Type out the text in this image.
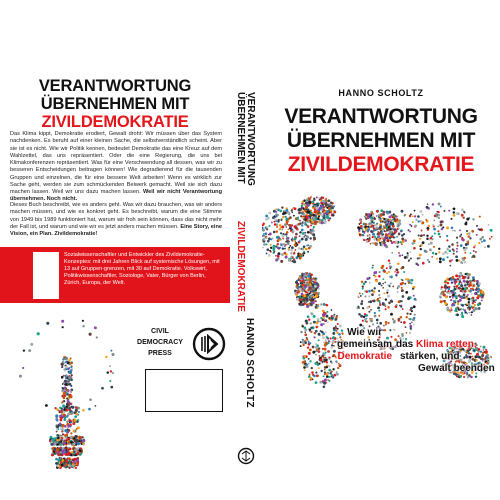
VERANTWORTUNG
ÜBERNEHMEN MIT
ZIVILDEMOKRATIE
Das Klima kippt, Demokratie erodiert, Gewalt droht: Wir müssen über das System nachdenken. Es beruht auf einer kleinen Sache, die selbstverständlich scheint. Aber sie ist es nicht. Wie wir Politik kennen, bedeutet Demokratie das eine Kreuz auf dem Wahlzettel, das uns repräsentiert. Oder die eine Regierung, die uns bei Klimakonferenzen repräsentiert. Was für eine Verschwendung all dessen, was wir zu besseren Entscheidungen beitragen können! Wie degradierend für die tausenden Gruppen und einzelnen, die für eine bessere Welt arbeiten! Wenn es wirklich zur Sache geht, werden sie zum schmückenden Beiwerk gemacht. Weil sie sich dazu machen lassen. Weil wir uns dazu machen lassen. Weil wir nicht Verantwortung übernehmen. Noch nicht.
Dieses Buch beschreibt, wie es anders geht. Was wir dazu brauchen, was wir anders machen müssen, und wie es konkret geht. Es beschreibt, warum die eine Stimme von 1949 bis 1989 funktioniert hat, warum wir froh sein können, dass das nicht mehr der Fall ist, und warum und wie wir es jetzt anders machen müssen. Eine Story, eine Vision, ein Plan. Zivildemokratie!
Sozialwissenschaftler und Entwickler des Zivildemokratie-Konzeptes: mit drei Jahren Blick auf systemische Lösungen, mit 13 auf Gruppen-grenzen, mit 30 auf Demokratie. Volkswirt, Politikwissenschaftler, Soziologe, Vater, Bürger von Berlin, Zürich, Europa, der Welt.
CIVIL
DEMOCRACY
PRESS
VERANTWORTUNG
ÜBERNEHMEN MIT
ZIVILDEMOKRATIE
HANNO SCHOLTZ
HANNO SCHOLTZ
VERANTWORTUNG
ÜBERNEHMEN MIT
ZIVILDEMOKRATIE
Wie wir
gemeinsam das Klima retten,
Demokratie stärken, und
Gewalt beenden
